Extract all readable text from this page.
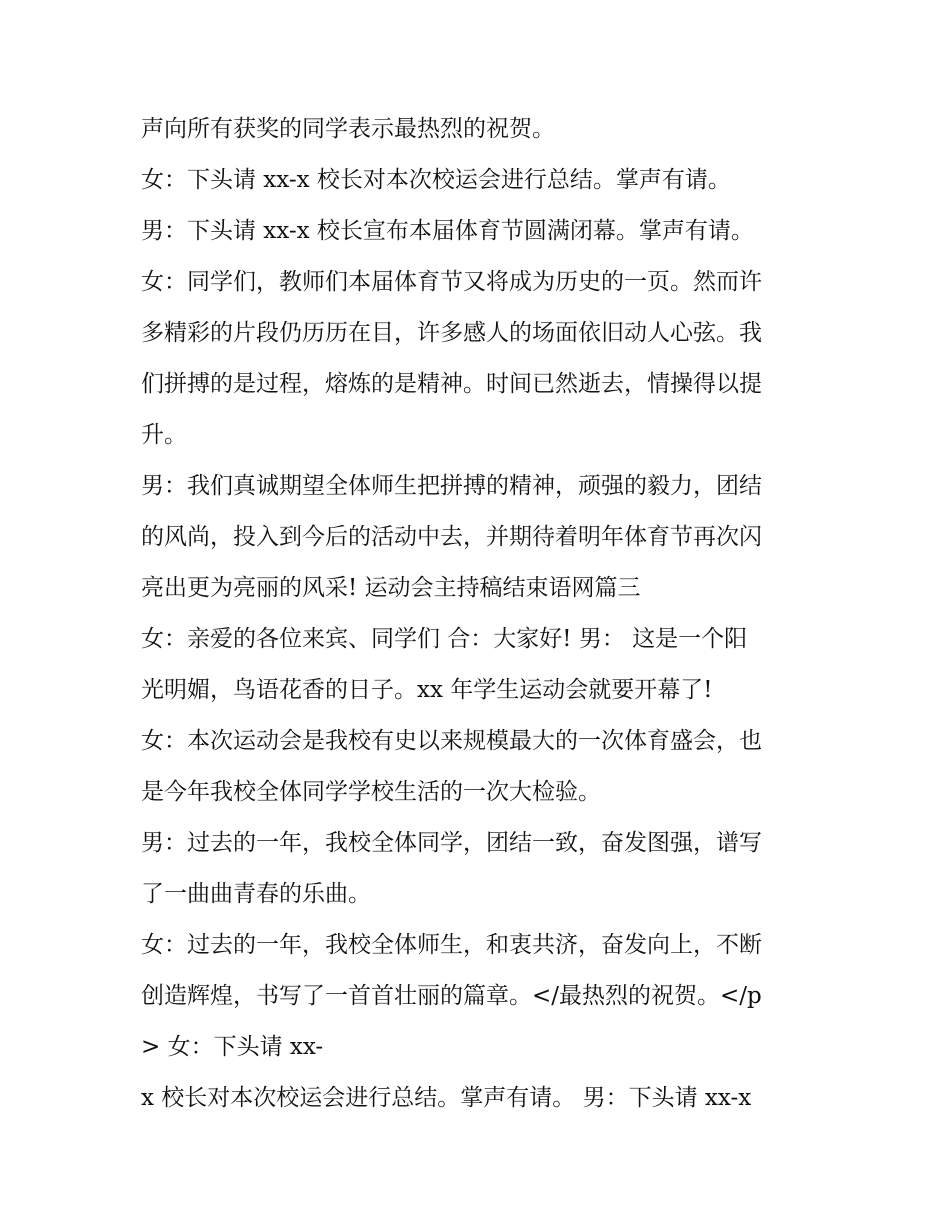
声向所有获奖的同学表示最热烈的祝贺。

女：下头请 xx-x 校长对本次校运会进行总结。掌声有请。

男：下头请 xx-x 校长宣布本届体育节圆满闭幕。掌声有请。

女：同学们，教师们本届体育节又将成为历史的一页。然而许

多精彩的片段仍历历在目，许多感人的场面依旧动人心弦。我

们拼搏的是过程，熔炼的是精神。时间已然逝去，情操得以提

升。

男：我们真诚期望全体师生把拼搏的精神，顽强的毅力，团结

的风尚，投入到今后的活动中去，并期待着明年体育节再次闪

亮出更为亮丽的风采! 运动会主持稿结束语网篇三

女：亲爱的各位来宾、同学们 合：大家好! 男： 这是一个阳

光明媚，鸟语花香的日子。xx 年学生运动会就要开幕了!

女：本次运动会是我校有史以来规模最大的一次体育盛会，也

是今年我校全体同学学校生活的一次大检验。

男：过去的一年，我校全体同学，团结一致，奋发图强，谱写

了一曲曲青春的乐曲。

女：过去的一年，我校全体师生，和衷共济，奋发向上，不断

创造辉煌，书写了一首首壮丽的篇章。</最热烈的祝贺。</p

> 女：下头请 xx-

x 校长对本次校运会进行总结。掌声有请。 男：下头请 xx-x
